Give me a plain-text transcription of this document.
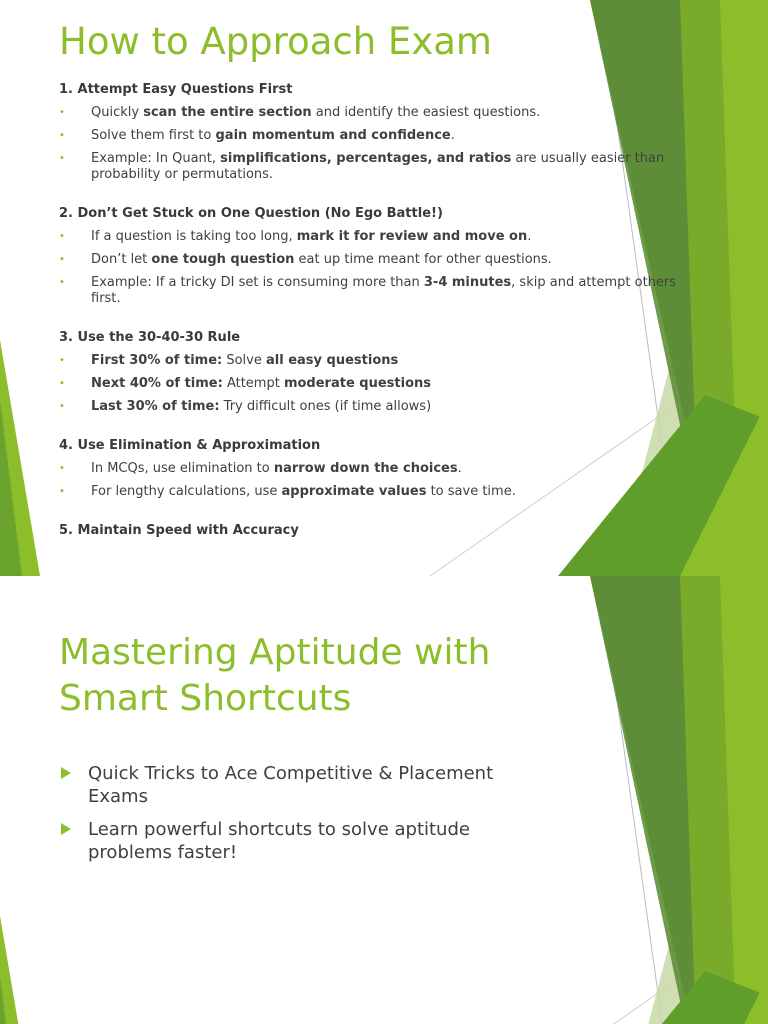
How to Approach Exam
1. Attempt Easy Questions First
• Quickly scan the entire section and identify the easiest questions.
• Solve them first to gain momentum and confidence.
• Example: In Quant, simplifications, percentages, and ratios are usually easier than probability or permutations.
2. Don’t Get Stuck on One Question (No Ego Battle!)
• If a question is taking too long, mark it for review and move on.
• Don’t let one tough question eat up time meant for other questions.
• Example: If a tricky DI set is consuming more than 3-4 minutes, skip and attempt others first.
3. Use the 30-40-30 Rule
• First 30% of time: Solve all easy questions
• Next 40% of time: Attempt moderate questions
• Last 30% of time: Try difficult ones (if time allows)
4. Use Elimination & Approximation
• In MCQs, use elimination to narrow down the choices.
• For lengthy calculations, use approximate values to save time.
5. Maintain Speed with Accuracy
Mastering Aptitude with Smart Shortcuts
Quick Tricks to Ace Competitive & Placement Exams
Learn powerful shortcuts to solve aptitude problems faster!
